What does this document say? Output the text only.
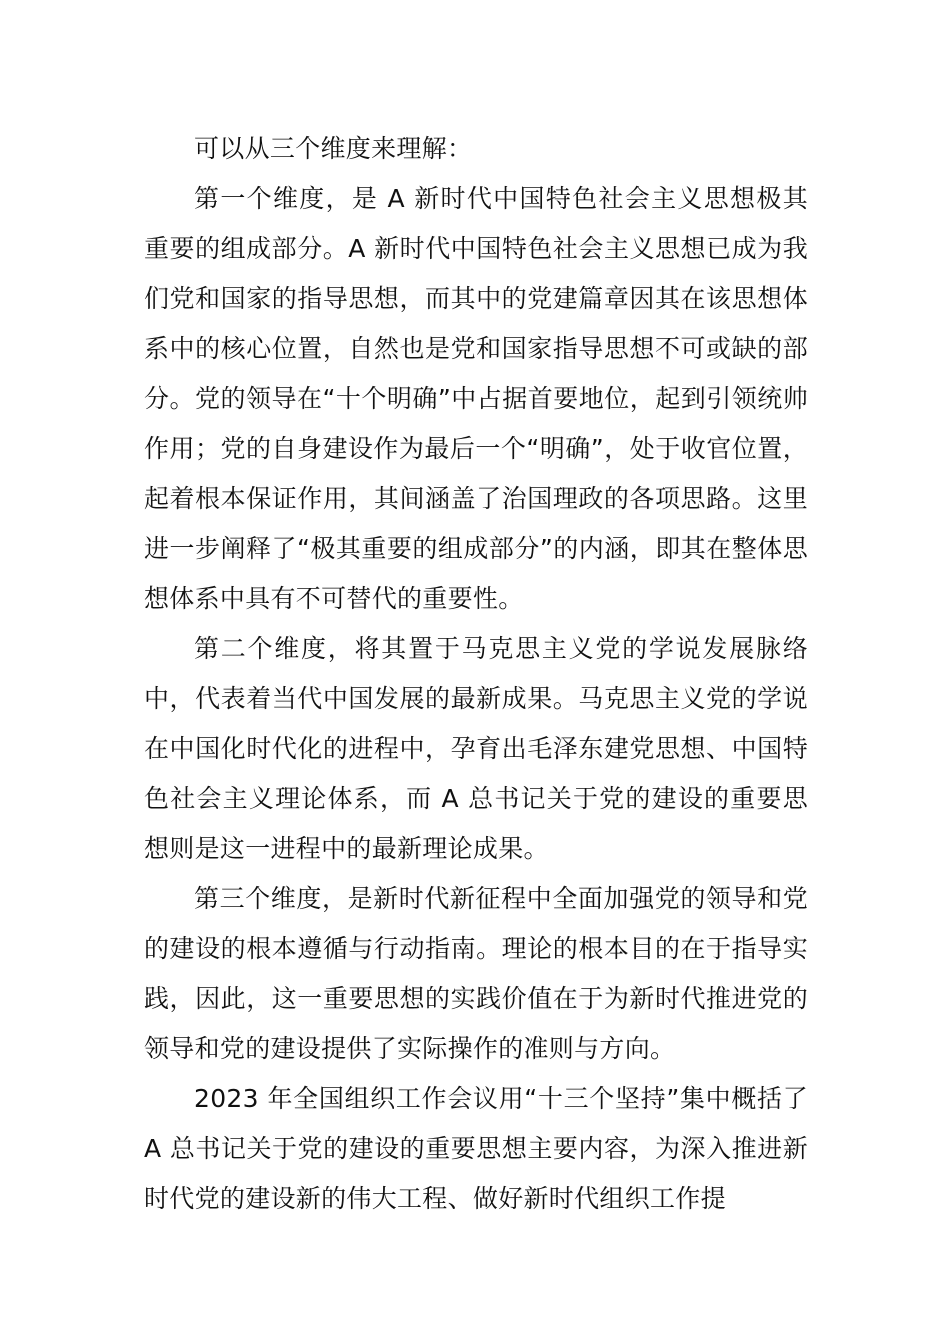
可以从三个维度来理解：

第一个维度，是 A 新时代中国特色社会主义思想极其重要的组成部分。A 新时代中国特色社会主义思想已成为我们党和国家的指导思想，而其中的党建篇章因其在该思想体系中的核心位置，自然也是党和国家指导思想不可或缺的部分。党的领导在“十个明确”中占据首要地位，起到引领统帅作用；党的自身建设作为最后一个“明确”，处于收官位置，起着根本保证作用，其间涵盖了治国理政的各项思路。这里进一步阐释了“极其重要的组成部分”的内涵，即其在整体思想体系中具有不可替代的重要性。

第二个维度，将其置于马克思主义党的学说发展脉络中，代表着当代中国发展的最新成果。马克思主义党的学说在中国化时代化的进程中，孕育出毛泽东建党思想、中国特色社会主义理论体系，而 A 总书记关于党的建设的重要思想则是这一进程中的最新理论成果。

第三个维度，是新时代新征程中全面加强党的领导和党的建设的根本遵循与行动指南。理论的根本目的在于指导实践，因此，这一重要思想的实践价值在于为新时代推进党的领导和党的建设提供了实际操作的准则与方向。

2023 年全国组织工作会议用“十三个坚持”集中概括了 A 总书记关于党的建设的重要思想主要内容，为深入推进新时代党的建设新的伟大工程、做好新时代组织工作提
